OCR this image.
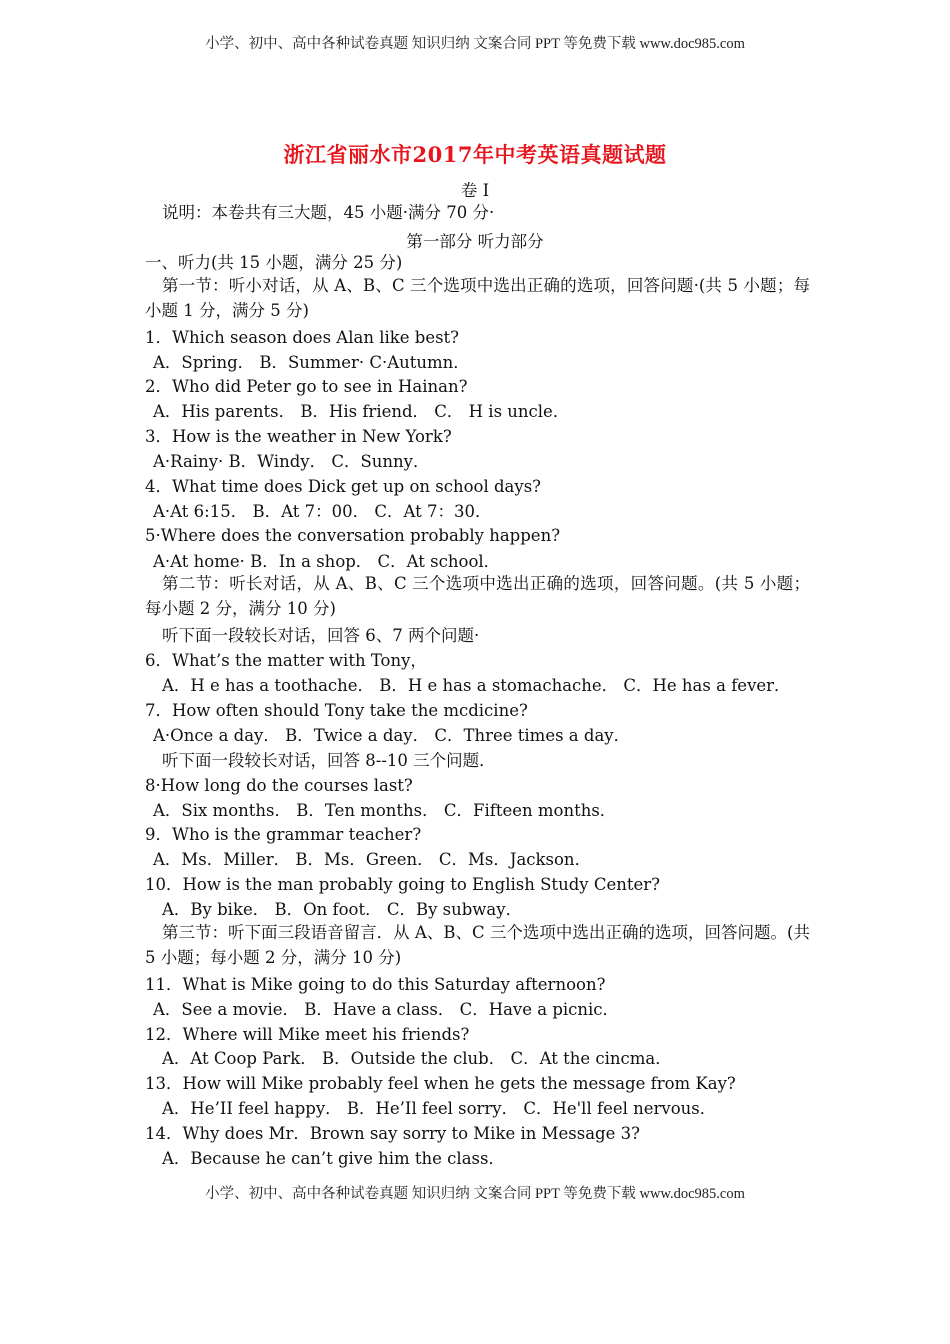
小学、初中、高中各种试卷真题 知识归纳 文案合同 PPT 等免费下载 www.doc985.com
浙江省丽水市2017年中考英语真题试题
卷 I
说明：本卷共有三大题，45 小题·满分 70 分·
第一部分 听力部分
一、听力(共 15 小题，满分 25 分)
第一节：听小对话，从 A、B、C 三个选项中选出正确的选项，回答问题·(共 5 小题；每小题 1 分，满分 5 分)
1．Which season does Alan like best?
A．Spring． B．Summer· C·Autumn．
2．Who did Peter go to see in Hainan?
A．His parents． B．His friend． C． H is uncle．
3．How is the weather in New York?
A·Rainy· B．Windy． C．Sunny．
4．What time does Dick get up on school days?
A·At 6:15． B．At 7：00． C．At 7：30．
5·Where does the conversation probably happen?
A·At home· B．In a shop． C．At school．
第二节：听长对话，从 A、B、C 三个选项中选出正确的选项，回答问题。(共 5 小题；每小题 2 分，满分 10 分)
听下面一段较长对话，回答 6、7 两个问题·
6．What’s the matter with Tony，
A．H e has a toothache． B．H e has a stomachache． C．He has a fever．
7．How often should Tony take the mcdicine?
A·Once a day． B．Twice a day． C．Three times a day．
听下面一段较长对话，回答 8--10 三个问题．
8·How long do the courses last?
A．Six months． B．Ten months． C．Fifteen months．
9．Who is the grammar teacher?
A．Ms．Miller． B．Ms．Green． C．Ms．Jackson．
10．How is the man probably going to English Study Center?
A．By bike． B．On foot． C．By subway．
第三节：听下面三段语音留言．从 A、B、C 三个选项中选出正确的选项，回答问题。(共 5 小题；每小题 2 分，满分 10 分)
11．What is Mike going to do this Saturday afternoon?
A．See a movie． B．Have a class． C．Have a picnic．
12．Where will Mike meet his friends?
A．At Coop Park． B．Outside the club． C．At the cincma．
13．How will Mike probably feel when he gets the message from Kay?
A．He’II feel happy． B．He’Il feel sorry． C．He'll feel nervous．
14．Why does Mr．Brown say sorry to Mike in Message 3?
A．Because he can’t give him the class．
小学、初中、高中各种试卷真题 知识归纳 文案合同 PPT 等免费下载 www.doc985.com
